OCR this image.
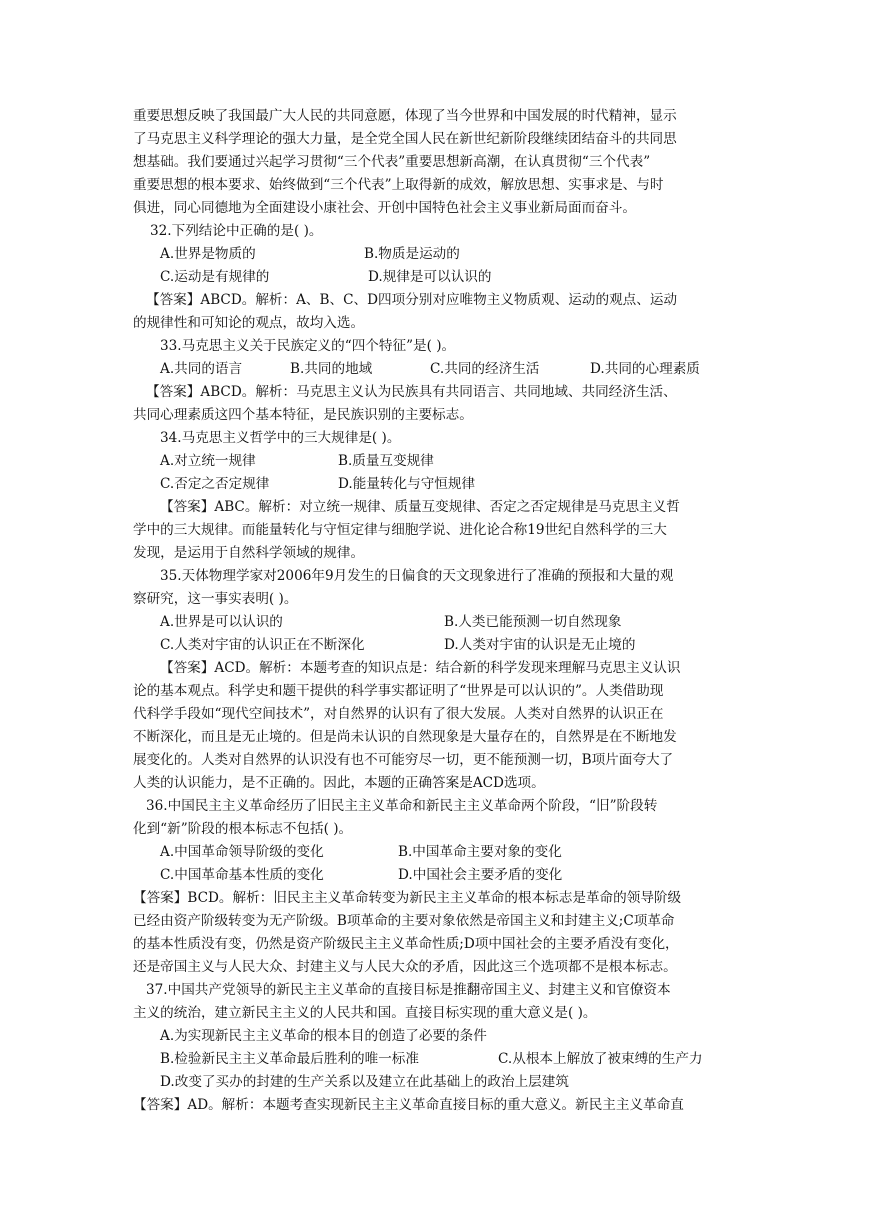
重要思想反映了我国最广大人民的共同意愿，体现了当今世界和中国发展的时代精神，显示
了马克思主义科学理论的强大力量，是全党全国人民在新世纪新阶段继续团结奋斗的共同思
想基础。我们要通过兴起学习贯彻“三个代表”重要思想新高潮，在认真贯彻“三个代表”
重要思想的根本要求、始终做到“三个代表”上取得新的成效，解放思想、实事求是、与时
俱进，同心同德地为全面建设小康社会、开创中国特色社会主义事业新局面而奋斗。
32.下列结论中正确的是( )。
A.世界是物质的	B.物质是运动的
C.运动是有规律的	D.规律是可以认识的
【答案】ABCD。解析：A、B、C、D四项分别对应唯物主义物质观、运动的观点、运动
的规律性和可知论的观点，故均入选。
33.马克思主义关于民族定义的“四个特征”是( )。
A.共同的语言	B.共同的地域	C.共同的经济生活	D.共同的心理素质
【答案】ABCD。解析：马克思主义认为民族具有共同语言、共同地域、共同经济生活、
共同心理素质这四个基本特征，是民族识别的主要标志。
34.马克思主义哲学中的三大规律是( )。
A.对立统一规律	B.质量互变规律
C.否定之否定规律	D.能量转化与守恒规律
【答案】ABC。解析：对立统一规律、质量互变规律、否定之否定规律是马克思主义哲
学中的三大规律。而能量转化与守恒定律与细胞学说、进化论合称19世纪自然科学的三大
发现，是运用于自然科学领域的规律。
35.天体物理学家对2006年9月发生的日偏食的天文现象进行了准确的预报和大量的观
察研究，这一事实表明( )。
A.世界是可以认识的	B.人类已能预测一切自然现象
C.人类对宇宙的认识正在不断深化	D.人类对宇宙的认识是无止境的
【答案】ACD。解析：本题考查的知识点是：结合新的科学发现来理解马克思主义认识
论的基本观点。科学史和题干提供的科学事实都证明了“世界是可以认识的”。人类借助现
代科学手段如“现代空间技术”，对自然界的认识有了很大发展。人类对自然界的认识正在
不断深化，而且是无止境的。但是尚未认识的自然现象是大量存在的，自然界是在不断地发
展变化的。人类对自然界的认识没有也不可能穷尽一切，更不能预测一切，B项片面夸大了
人类的认识能力，是不正确的。因此，本题的正确答案是ACD选项。
36.中国民主主义革命经历了旧民主主义革命和新民主主义革命两个阶段，“旧”阶段转
化到“新”阶段的根本标志不包括( )。
A.中国革命领导阶级的变化	B.中国革命主要对象的变化
C.中国革命基本性质的变化	D.中国社会主要矛盾的变化
【答案】BCD。解析：旧民主主义革命转变为新民主主义革命的根本标志是革命的领导阶级
已经由资产阶级转变为无产阶级。B项革命的主要对象依然是帝国主义和封建主义;C项革命
的基本性质没有变，仍然是资产阶级民主主义革命性质;D项中国社会的主要矛盾没有变化，
还是帝国主义与人民大众、封建主义与人民大众的矛盾，因此这三个选项都不是根本标志。
37.中国共产党领导的新民主主义革命的直接目标是推翻帝国主义、封建主义和官僚资本
主义的统治，建立新民主主义的人民共和国。直接目标实现的重大意义是( )。
A.为实现新民主主义革命的根本目的创造了必要的条件
B.检验新民主主义革命最后胜利的唯一标准	C.从根本上解放了被束缚的生产力
D.改变了买办的封建的生产关系以及建立在此基础上的政治上层建筑
【答案】AD。解析：本题考查实现新民主主义革命直接目标的重大意义。新民主主义革命直
